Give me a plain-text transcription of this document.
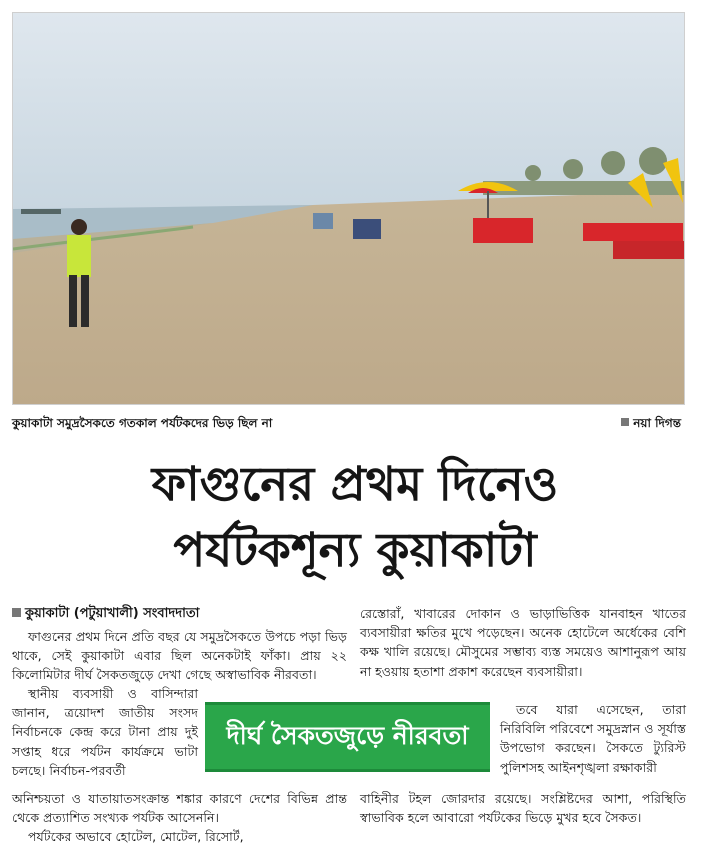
কুয়াকাটা সমুদ্রসৈকতে গতকাল পর্যটকদের ভিড় ছিল না	নয়া দিগন্ত
ফাগুনের প্রথম দিনেও
পর্যটকশূন্য কুয়াকাটা
কুয়াকাটা (পটুয়াখালী) সংবাদদাতা

ফাগুনের প্রথম দিনে প্রতি বছর যে সমুদ্রসৈকতে উপচে পড়া ভিড় থাকে, সেই কুয়াকাটা এবার ছিল অনেকটাই ফাঁকা। প্রায় ২২ কিলোমিটার দীর্ঘ সৈকতজুড়ে দেখা গেছে অস্বাভাবিক নীরবতা।

স্থানীয় ব্যবসায়ী ও বাসিন্দারা জানান, ত্রয়োদশ জাতীয় সংসদ নির্বাচনকে কেন্দ্র করে টানা প্রায় দুই সপ্তাহ ধরে পর্যটন কার্যক্রমে ভাটা চলছে। নির্বাচন-পরবর্তী

অনিশ্চয়তা ও যাতায়াতসংক্রান্ত শঙ্কার কারণে দেশের বিভিন্ন প্রান্ত থেকে প্রত্যাশিত সংখ্যক পর্যটক আসেননি।

পর্যটকের অভাবে হোটেল, মোটেল, রিসোর্ট,

দীর্ঘ সৈকতজুড়ে নীরবতা
রেস্তোরাঁ, খাবারের দোকান ও ভাড়াভিত্তিক যানবাহন খাতের ব্যবসায়ীরা ক্ষতির মুখে পড়েছেন। অনেক হোটেলে অর্ধেকের বেশি কক্ষ খালি রয়েছে। মৌসুমের সম্ভাব্য ব্যস্ত সময়েও আশানুরূপ আয় না হওয়ায় হতাশা প্রকাশ করেছেন ব্যবসায়ীরা।

তবে যারা এসেছেন, তারা নিরিবিলি পরিবেশে সমুদ্রস্নান ও সূর্যাস্ত উপভোগ করছেন। সৈকতে ট্যুরিস্ট পুলিশসহ আইনশৃঙ্খলা রক্ষাকারী

বাহিনীর টহল জোরদার রয়েছে। সংশ্লিষ্টদের আশা, পরিস্থিতি স্বাভাবিক হলে আবারো পর্যটকের ভিড়ে মুখর হবে সৈকত।
